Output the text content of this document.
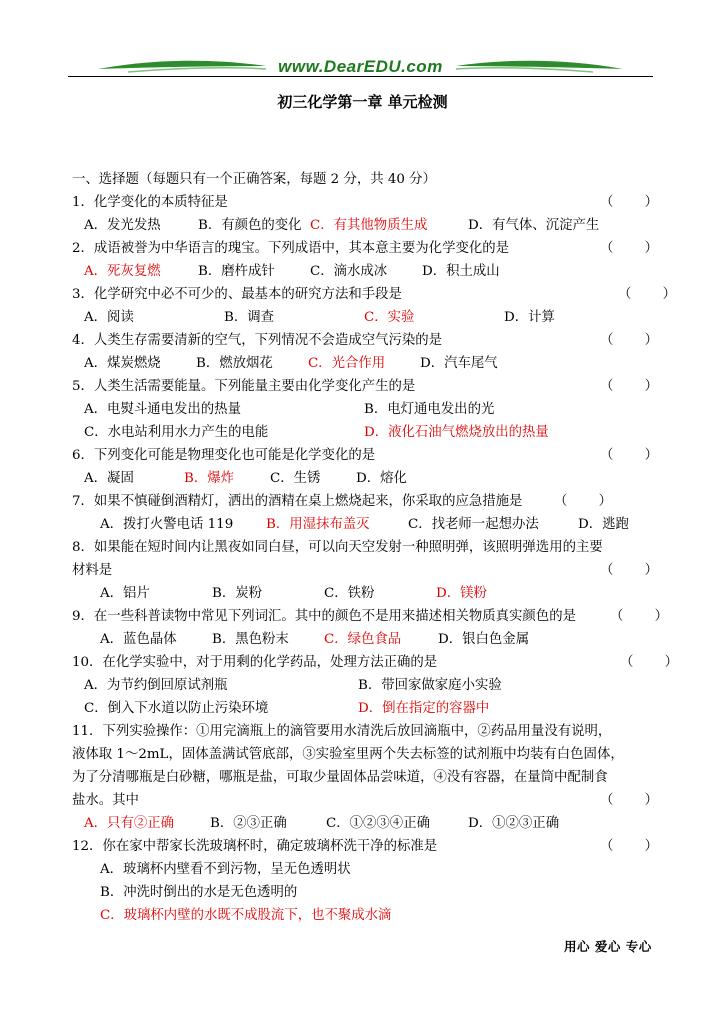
www.DearEDU.com
初三化学第一章 单元检测
一、选择题（每题只有一个正确答案，每题 2 分，共 40 分）
1．化学变化的本质特征是	（　　）
A．发光发热	B．有颜色的变化 C．有其他物质生成	D．有气体、沉淀产生
2．成语被誉为中华语言的瑰宝。下列成语中，其本意主要为化学变化的是	（　　）
A．死灰复燃	B．磨杵成针	C．滴水成冰	D．积土成山
3．化学研究中必不可少的、最基本的研究方法和手段是	（　　）
A．阅读	B．调查	C．实验	D．计算
4．人类生存需要清新的空气，下列情况不会造成空气污染的是	（　　）
A．煤炭燃烧	B．燃放烟花	C．光合作用	D．汽车尾气
5．人类生活需要能量。下列能量主要由化学变化产生的是	（　　）
A．电熨斗通电发出的热量	B．电灯通电发出的光
C．水电站利用水力产生的电能	D．液化石油气燃烧放出的热量
6．下列变化可能是物理变化也可能是化学变化的是	（　　）
A．凝固	B．爆炸	C．生锈	D．熔化
7．如果不慎碰倒酒精灯，洒出的酒精在桌上燃烧起来，你采取的应急措施是 （　　）
A．拨打火警电话 119 B．用湿抹布盖灭	C．找老师一起想办法	D．逃跑
8．如果能在短时间内让黑夜如同白昼，可以向天空发射一种照明弹，该照明弹选用的主要
材料是	（　　）
A．铝片	B．炭粉	C．铁粉	D．镁粉
9．在一些科普读物中常见下列词汇。其中的颜色不是用来描述相关物质真实颜色的是	（　　）
A．蓝色晶体	B．黑色粉末	C．绿色食品	D．银白色金属
10．在化学实验中，对于用剩的化学药品，处理方法正确的是	（　　）
A．为节约倒回原试剂瓶	B．带回家做家庭小实验
C．倒入下水道以防止污染环境	D．倒在指定的容器中
11．下列实验操作：①用完滴瓶上的滴管要用水清洗后放回滴瓶中，②药品用量没有说明，
液体取 1～2mL，固体盖满试管底部，③实验室里两个失去标签的试剂瓶中均装有白色固体，
为了分清哪瓶是白砂糖，哪瓶是盐，可取少量固体品尝味道，④没有容器，在量筒中配制食
盐水。其中	（　　）
A．只有②正确	B．②③正确	C．①②③④正确	D．①②③正确
12．你在家中帮家长洗玻璃杯时，确定玻璃杯洗干净的标准是	（　　）
A．玻璃杯内壁看不到污物，呈无色透明状
B．冲洗时倒出的水是无色透明的
C．玻璃杯内壁的水既不成股流下，也不聚成水滴
用心 爱心 专心
